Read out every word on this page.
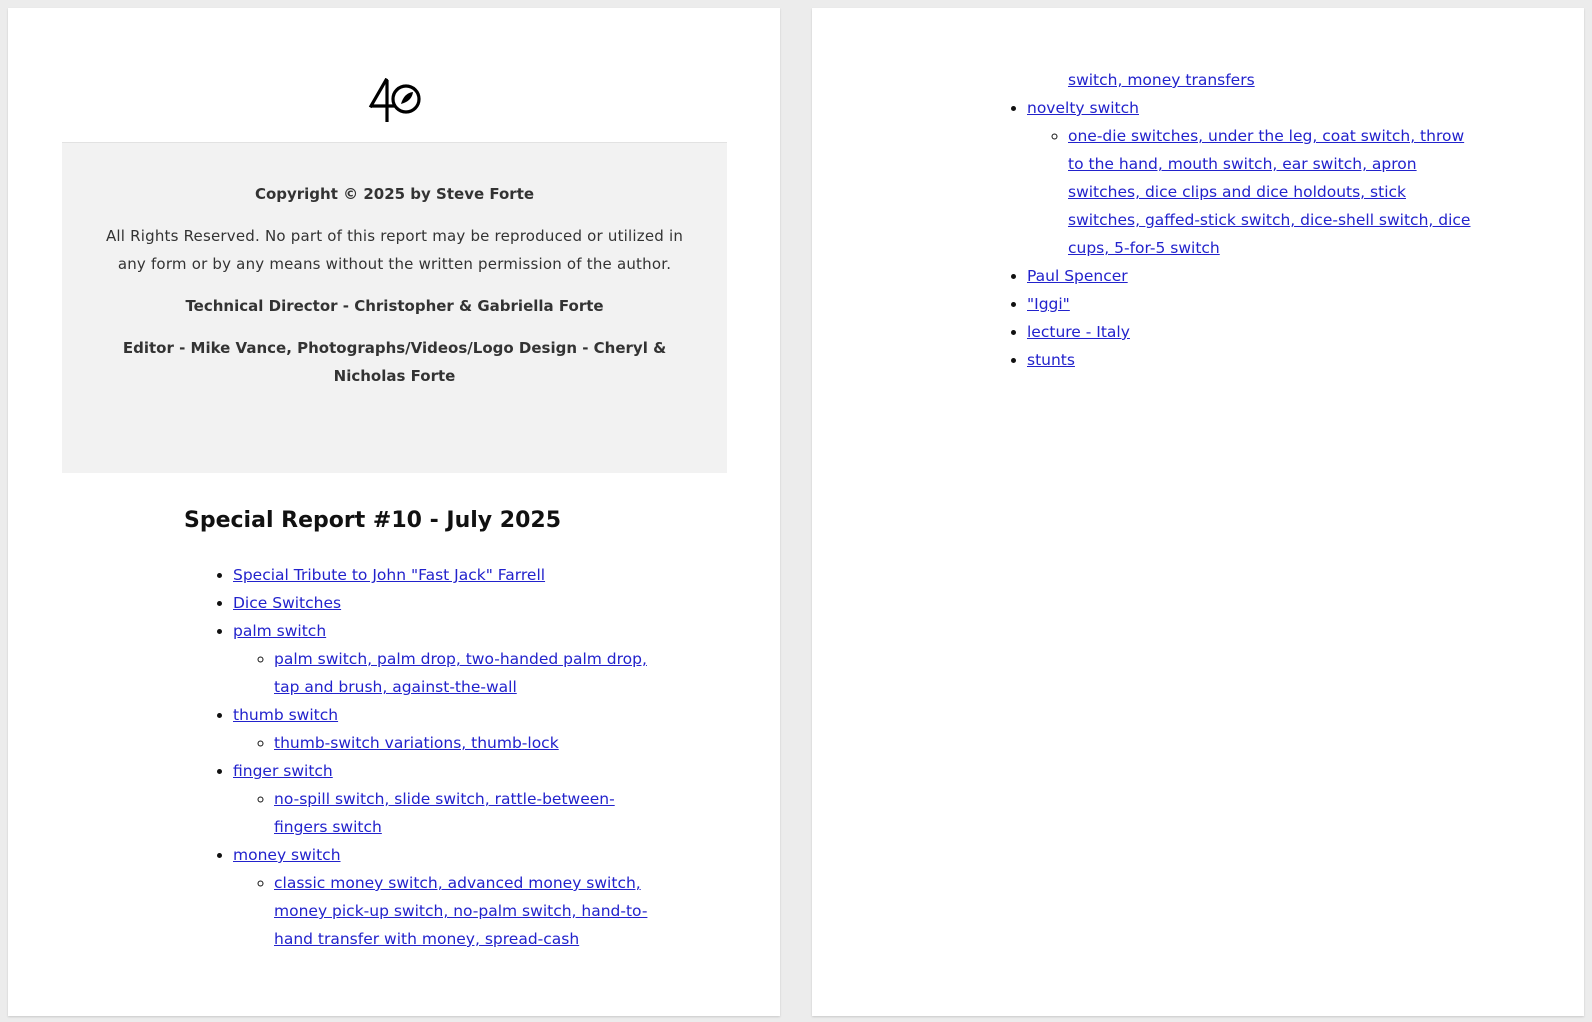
Copyright © 2025 by Steve Forte
All Rights Reserved. No part of this report may be reproduced or utilized in any form or by any means without the written permission of the author.
Technical Director - Christopher & Gabriella Forte
Editor - Mike Vance, Photographs/Videos/Logo Design - Cheryl & Nicholas Forte
Special Report #10 - July 2025
• Special Tribute to John "Fast Jack" Farrell
• Dice Switches
• palm switch
◦ palm switch, palm drop, two-handed palm drop, tap and brush, against-the-wall
• thumb switch
◦ thumb-switch variations, thumb-lock
• finger switch
◦ no-spill switch, slide switch, rattle-between-fingers switch
• money switch
◦ classic money switch, advanced money switch, money pick-up switch, no-palm switch, hand-to-hand transfer with money, spread-cash
switch, money transfers
• novelty switch
◦ one-die switches, under the leg, coat switch, throw to the hand, mouth switch, ear switch, apron switches, dice clips and dice holdouts, stick switches, gaffed-stick switch, dice-shell switch, dice cups, 5-for-5 switch
• Paul Spencer
• "Iggi"
• lecture - Italy
• stunts
